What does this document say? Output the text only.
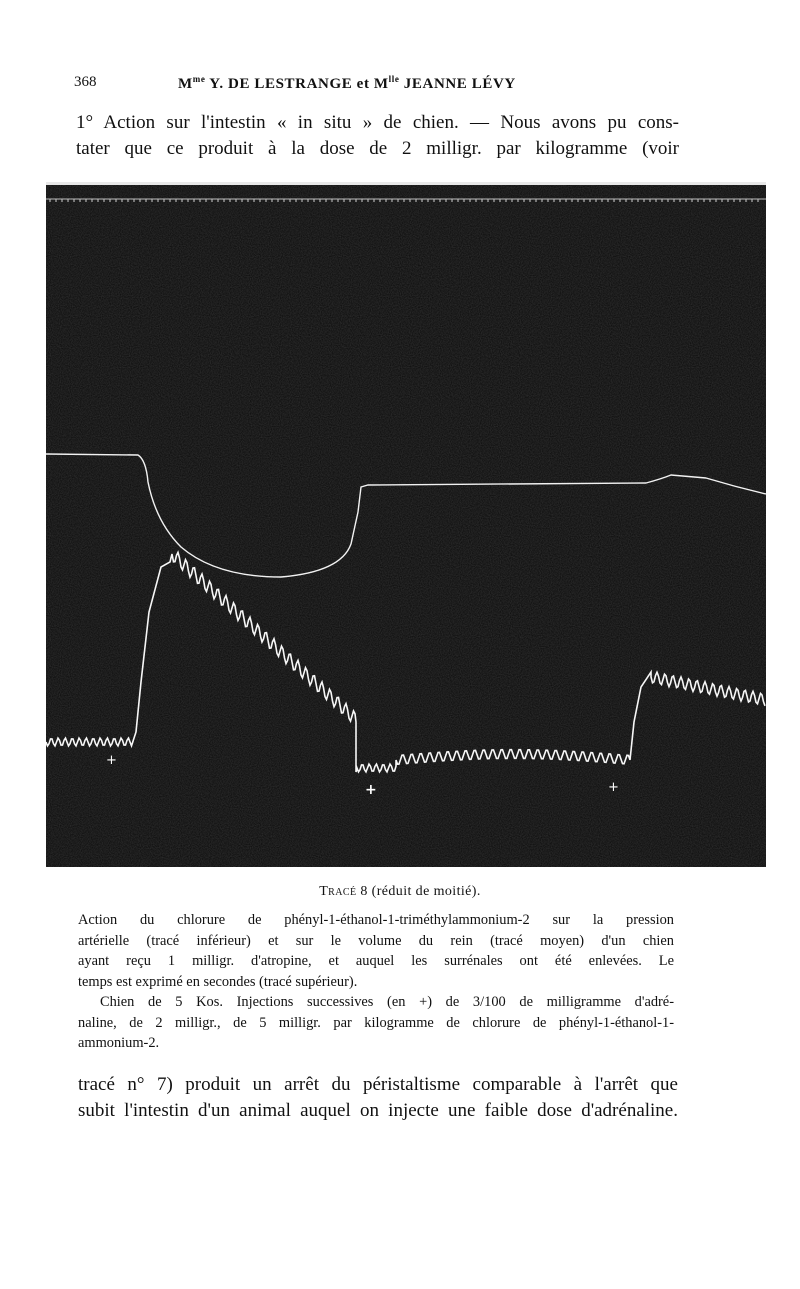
368	$M^{me}$ Y. DE LESTRANGE et $M^{lle}$ JEANNE LÉVY
1° Action sur l'intestin « in situ » de chien. — Nous avons pu cons-
tater que ce produit à la dose de 2 milligr. par kilogramme (voir
+
+	+
Tracé 8 (réduit de moitié).

Action du chlorure de phényl-1-éthanol-1-triméthylammonium-2 sur la pression
artérielle (tracé inférieur) et sur le volume du rein (tracé moyen) d'un chien
ayant reçu 1 milligr. d'atropine, et auquel les surrénales ont été enlevées. Le
temps est exprimé en secondes (tracé supérieur).

Chien de 5 Kos. Injections successives (en +) de 3/100 de milligramme d'adré-
naline, de 2 milligr., de 5 milligr. par kilogramme de chlorure de phényl-1-éthanol-1-
ammonium-2.

tracé n° 7) produit un arrêt du péristaltisme comparable à l'arrêt que
subit l'intestin d'un animal auquel on injecte une faible dose d'adrénaline.
